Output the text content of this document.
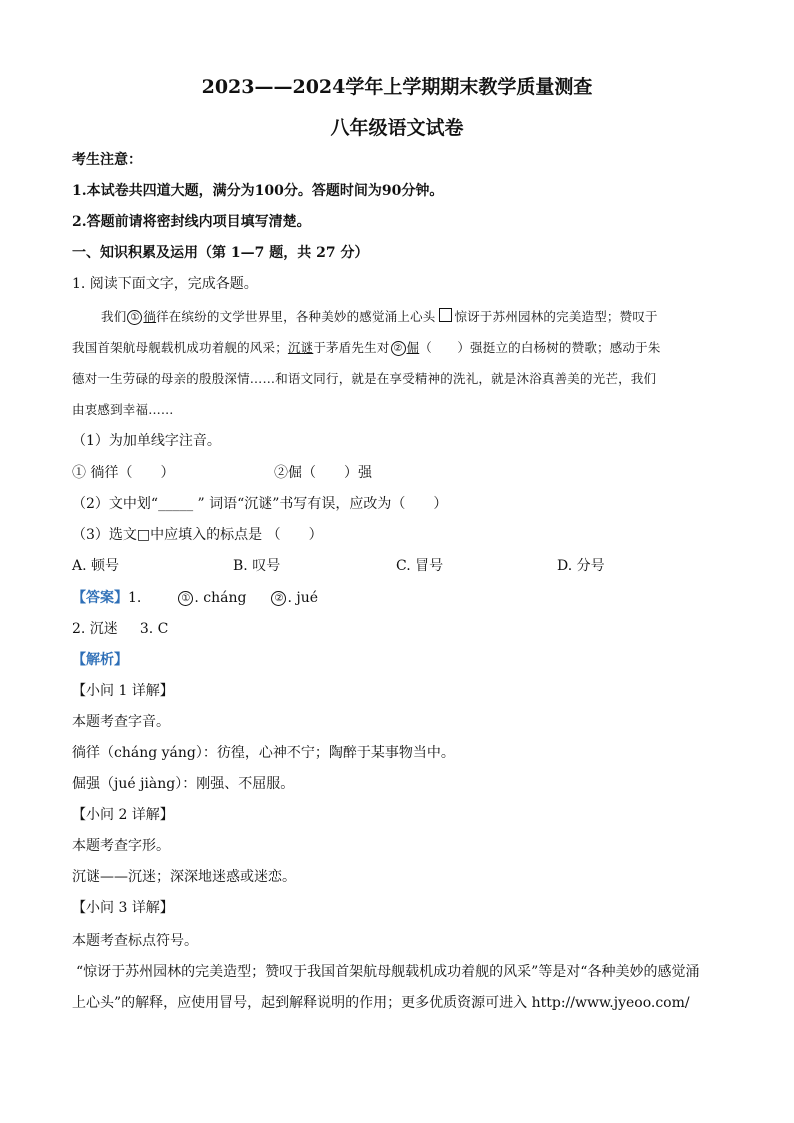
2023——2024学年上学期期末教学质量测查
八年级语文试卷
考生注意：
1.本试卷共四道大题，满分为100分。答题时间为90分钟。
2.答题前请将密封线内项目填写清楚。
一、知识积累及运用（第 1—7 题，共 27 分）
1. 阅读下面文字，完成各题。
我们 ① 徜徉在缤纷的文学世界里，各种美妙的感觉涌上心头 惊讶于苏州园林的完美造型；赞叹于
我国首架航母舰载机成功着舰的风采；沉谜于茅盾先生对 ② 倔（　　）强挺立的白杨树的赞歌；感动于朱
德对一生劳碌的母亲的殷殷深情……和语文同行，就是在享受精神的洗礼，就是沐浴真善美的光芒，我们
由衷感到幸福……
（1）为加单线字注音。
① 徜徉（　　）	②倔（　　）强
（2）文中划“_____ ” 词语“沉谜”书写有误，应改为（　　）
（3）选文□中应填入的标点是 （　　）
A. 顿号	B. 叹号	C. 冒号	D. 分号
【答案】1.	① . cháng	② . jué
2. 沉迷 3. C
【解析】
【小问 1 详解】
本题考查字音。
徜徉（cháng yáng）：彷徨，心神不宁；陶醉于某事物当中。
倔强（jué jiàng）：刚强、不屈服。
【小问 2 详解】
本题考查字形。
沉谜——沉迷；深深地迷惑或迷恋。
【小问 3 详解】
本题考查标点符号。
“惊讶于苏州园林的完美造型；赞叹于我国首架航母舰载机成功着舰的风采”等是对“各种美妙的感觉涌
上心头”的解释，应使用冒号，起到解释说明的作用；更多优质资源可进入 http://www.jyeoo.com/
